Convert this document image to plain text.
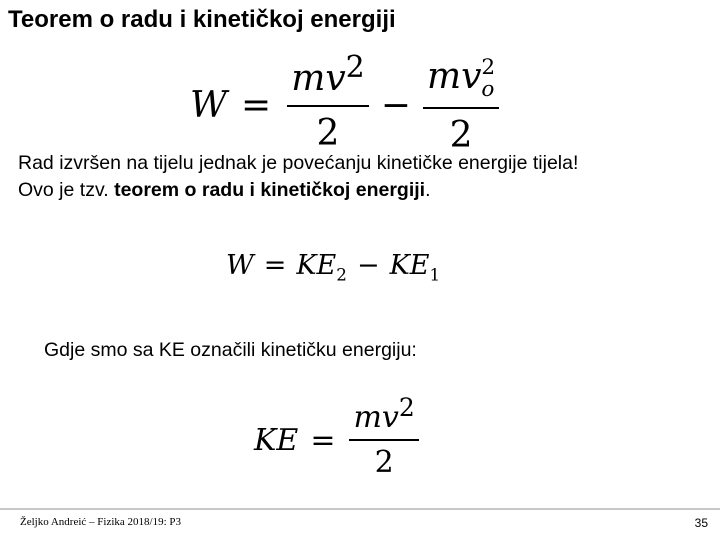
Teorem o radu i kinetičkoj energiji
$W = \frac{mv^2}{2}$ − mv 2
o
2
Rad izvršen na tijelu jednak je povećanju kinetičke energije tijela!
Ovo je tzv. teorem o radu i kinetičkoj energiji.
$W = KE_2 - KE_1$
Gdje smo sa KE označili kinetičku energiju:
KE = $\frac{mv^2}{2}$
Željko Andreić – Fizika 2018/19: P3	35
